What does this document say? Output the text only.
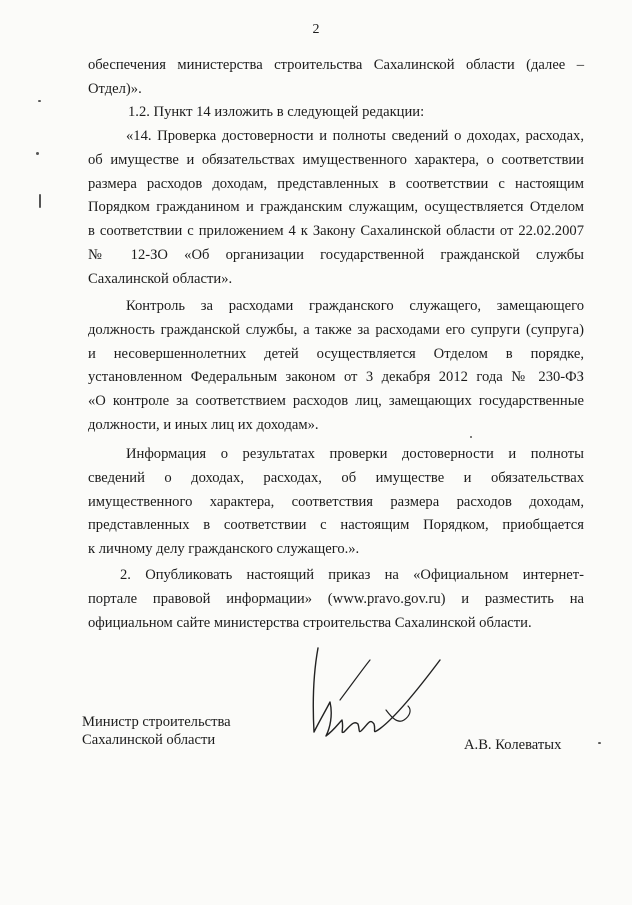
2
обеспечения министерства строительства Сахалинской области (далее –
Отдел)».
1.2. Пункт 14 изложить в следующей редакции:
«14. Проверка достоверности и полноты сведений о доходах, расходах,
об имуществе и обязательствах имущественного характера, о соответствии
размера расходов доходам, представленных в соответствии с настоящим
Порядком гражданином и гражданским служащим, осуществляется Отделом
в соответствии с приложением 4 к Закону Сахалинской области от 22.02.2007
№ 12-ЗО «Об организации государственной гражданской службы
Сахалинской области».
Контроль за расходами гражданского служащего, замещающего
должность гражданской службы, а также за расходами его супруги (супруга)
и несовершеннолетних детей осуществляется Отделом в порядке,
установленном Федеральным законом от 3 декабря 2012 года № 230-ФЗ
«О контроле за соответствием расходов лиц, замещающих государственные
должности, и иных лиц их доходам».
Информация о результатах проверки достоверности и полноты
сведений о доходах, расходах, об имуществе и обязательствах
имущественного характера, соответствия размера расходов доходам,
представленных в соответствии с настоящим Порядком, приобщается
к личному делу гражданского служащего.».
2. Опубликовать настоящий приказ на «Официальном интернет-
портале правовой информации» (www.pravo.gov.ru) и разместить на
официальном сайте министерства строительства Сахалинской области.
Министр строительства
Сахалинской области	А.В. Колеватых
